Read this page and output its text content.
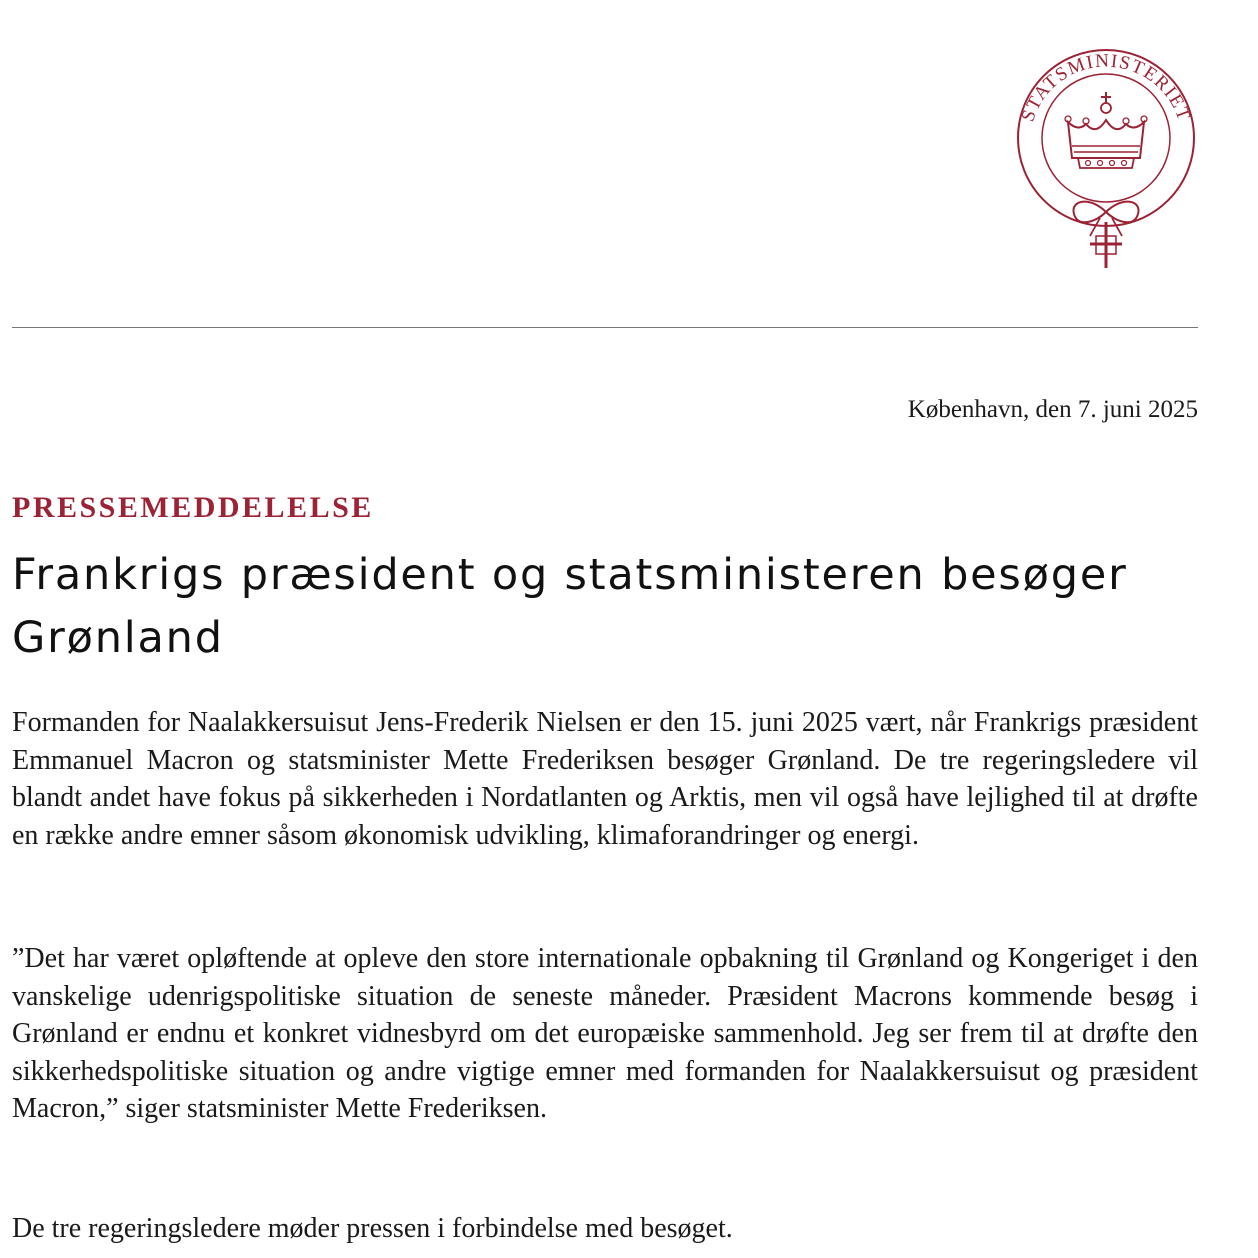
STATSMINISTERIET
København, den 7. juni 2025
PRESSEMEDDELELSE
Frankrigs præsident og statsministeren besøger Grønland

Formanden for Naalakkersuisut Jens-Frederik Nielsen er den 15. juni 2025 vært, når Frankrigs præsident Emmanuel Macron og statsminister Mette Frederiksen besøger Grønland. De tre regeringsledere vil blandt andet have fokus på sikkerheden i Nordatlanten og Arktis, men vil også have lejlighed til at drøfte en række andre emner såsom økonomisk udvikling, klimaforandringer og energi.

”Det har været opløftende at opleve den store internationale opbakning til Grønland og Kongeriget i den vanskelige udenrigspolitiske situation de seneste måneder. Præsident Macrons kommende besøg i Grønland er endnu et konkret vidnesbyrd om det europæiske sammenhold. Jeg ser frem til at drøfte den sikkerhedspolitiske situation og andre vigtige emner med formanden for Naalakkersuisut og præsident Macron,” siger statsminister Mette Frederiksen.

De tre regeringsledere møder pressen i forbindelse med besøget.
